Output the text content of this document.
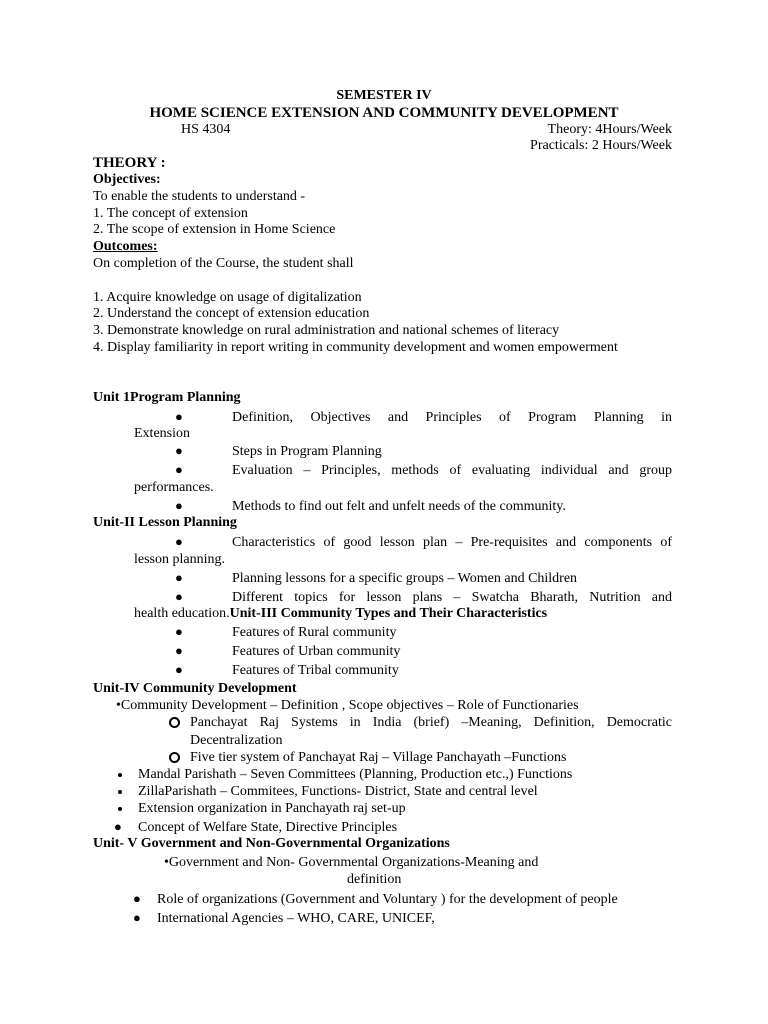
SEMESTER IV
HOME SCIENCE EXTENSION AND COMMUNITY DEVELOPMENT
HS 4304	Theory: 4Hours/Week
Practicals: 2 Hours/Week
THEORY :
Objectives:
To enable the students to understand -
1. The concept of extension
2. The scope of extension in Home Science
Outcomes:
On completion of the Course, the student shall
1. Acquire knowledge on usage of digitalization
2. Understand the concept of extension education
3. Demonstrate knowledge on rural administration and national schemes of literacy
4. Display familiarity in report writing in community development and women empowerment
Unit 1Program Planning
●	Definition, Objectives and Principles of Program Planning in
Extension
●	Steps in Program Planning
●	Evaluation – Principles, methods of evaluating individual and group
performances.
●	Methods to find out felt and unfelt needs of the community.
Unit-II Lesson Planning
●	Characteristics of good lesson plan – Pre-requisites and components of
lesson planning.
●	Planning lessons for a specific groups – Women and Children
●	Different topics for lesson plans – Swatcha Bharath, Nutrition and
health education.Unit-III Community Types and Their Characteristics
●	Features of Rural community
●	Features of Urban community
●	Features of Tribal community
Unit-IV Community Development
•Community Development – Definition , Scope objectives – Role of Functionaries
Panchayat Raj Systems in India (brief) –Meaning, Definition, Democratic
Decentralization
Five tier system of Panchayat Raj – Village Panchayath –Functions
Mandal Parishath – Seven Committees (Planning, Production etc.,) Functions
ZillaParishath – Commitees, Functions- District, State and central level
Extension organization in Panchayath raj set-up
● Concept of Welfare State, Directive Principles
Unit- V Government and Non-Governmental Organizations
•Government and Non- Governmental Organizations-Meaning and
definition
● Role of organizations (Government and Voluntary ) for the development of people
● International Agencies – WHO, CARE, UNICEF,
